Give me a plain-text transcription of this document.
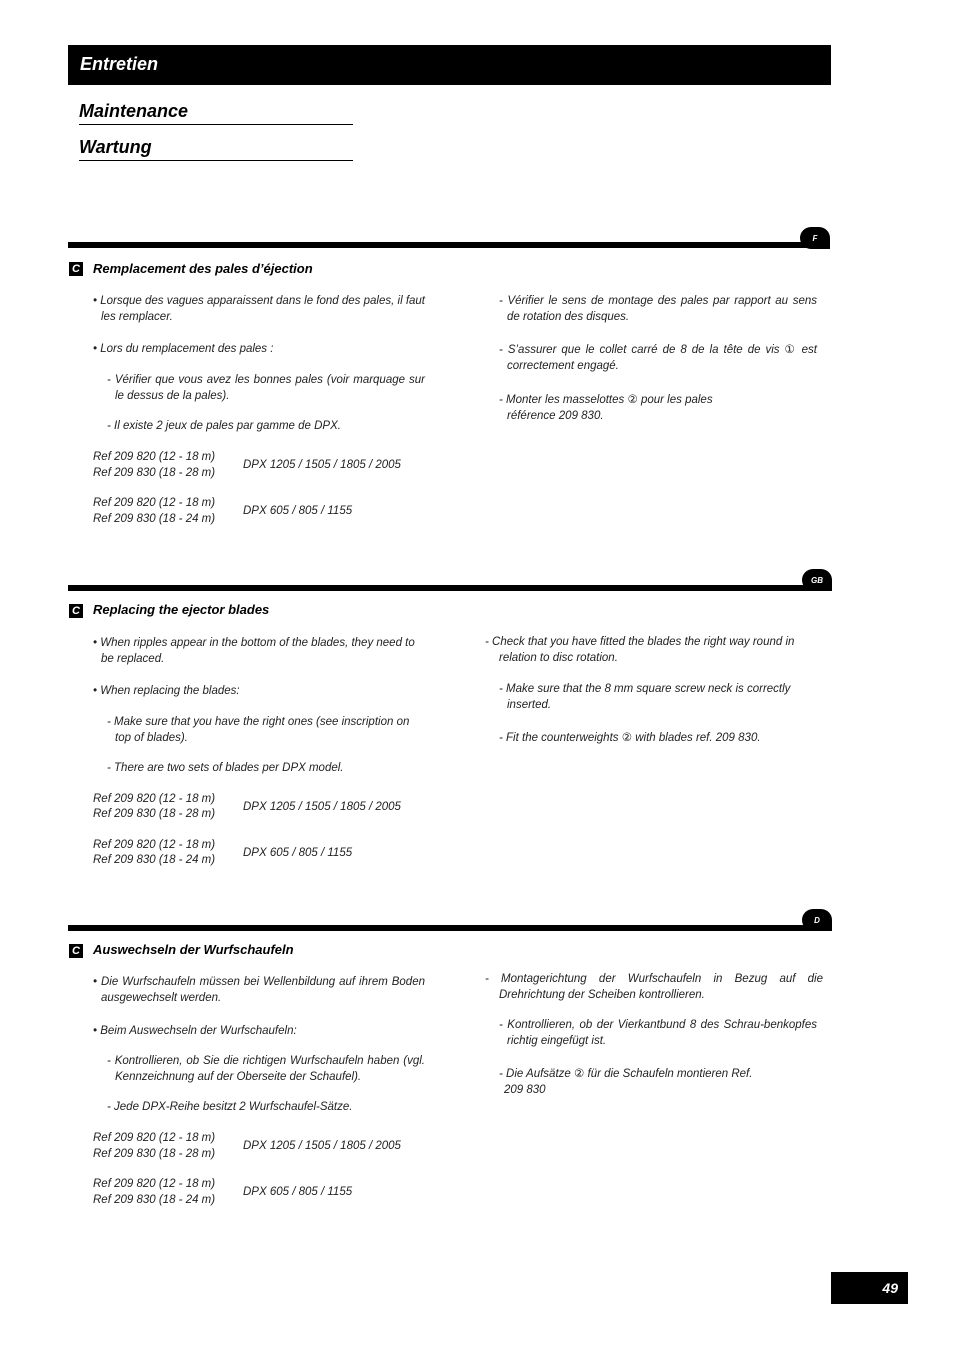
Entretien
Maintenance
Wartung
F
C Remplacement des pales d’éjection
• Lorsque des vagues apparaissent dans le fond des pales, il faut les remplacer.
• Lors du remplacement des pales :
- Vérifier que vous avez les bonnes pales (voir marquage sur le dessus de la pales).
- Il existe 2 jeux de pales par gamme de DPX.
Ref 209 820 (12 - 18 m)
Ref 209 830 (18 - 28 m)
DPX 1205 / 1505 / 1805 / 2005
Ref 209 820 (12 - 18 m)
Ref 209 830 (18 - 24 m)
DPX 605 / 805 / 1155
- Vérifier le sens de montage des pales par rapport au sens de rotation des disques.
- S’assurer que le collet carré de 8 de la tête de vis ① est correctement engagé.
- Monter les masselottes ② pour les pales référence 209 830.
GB
C Replacing the ejector blades
• When ripples appear in the bottom of the blades, they need to be replaced.
• When replacing the blades:
- Make sure that you have the right ones (see inscription on top of blades).
- There are two sets of blades per DPX model.
Ref 209 820 (12 - 18 m)
Ref 209 830 (18 - 28 m)
DPX 1205 / 1505 / 1805 / 2005
Ref 209 820 (12 - 18 m)
Ref 209 830 (18 - 24 m)
DPX 605 / 805 / 1155
- Check that you have fitted the blades the right way round in relation to disc rotation.
- Make sure that the 8 mm square screw neck is correctly inserted.
- Fit the counterweights ② with blades ref. 209 830.
D
C Auswechseln der Wurfschaufeln
• Die Wurfschaufeln müssen bei Wellenbildung auf ihrem Boden ausgewechselt werden.
• Beim Auswechseln der Wurfschaufeln:
- Kontrollieren, ob Sie die richtigen Wurfschaufeln haben (vgl. Kennzeichnung auf der Oberseite der Schaufel).
- Jede DPX-Reihe besitzt 2 Wurfschaufel-Sätze.
Ref 209 820 (12 - 18 m)
Ref 209 830 (18 - 28 m)
DPX 1205 / 1505 / 1805 / 2005
Ref 209 820 (12 - 18 m)
Ref 209 830 (18 - 24 m)
DPX 605 / 805 / 1155
- Montagerichtung der Wurfschaufeln in Bezug auf die Drehrichtung der Scheiben kontrollieren.
- Kontrollieren, ob der Vierkantbund 8 des Schrau-benkopfes richtig eingefügt ist.
- Die Aufsätze ② für die Schaufeln montieren Ref. 209 830
49
